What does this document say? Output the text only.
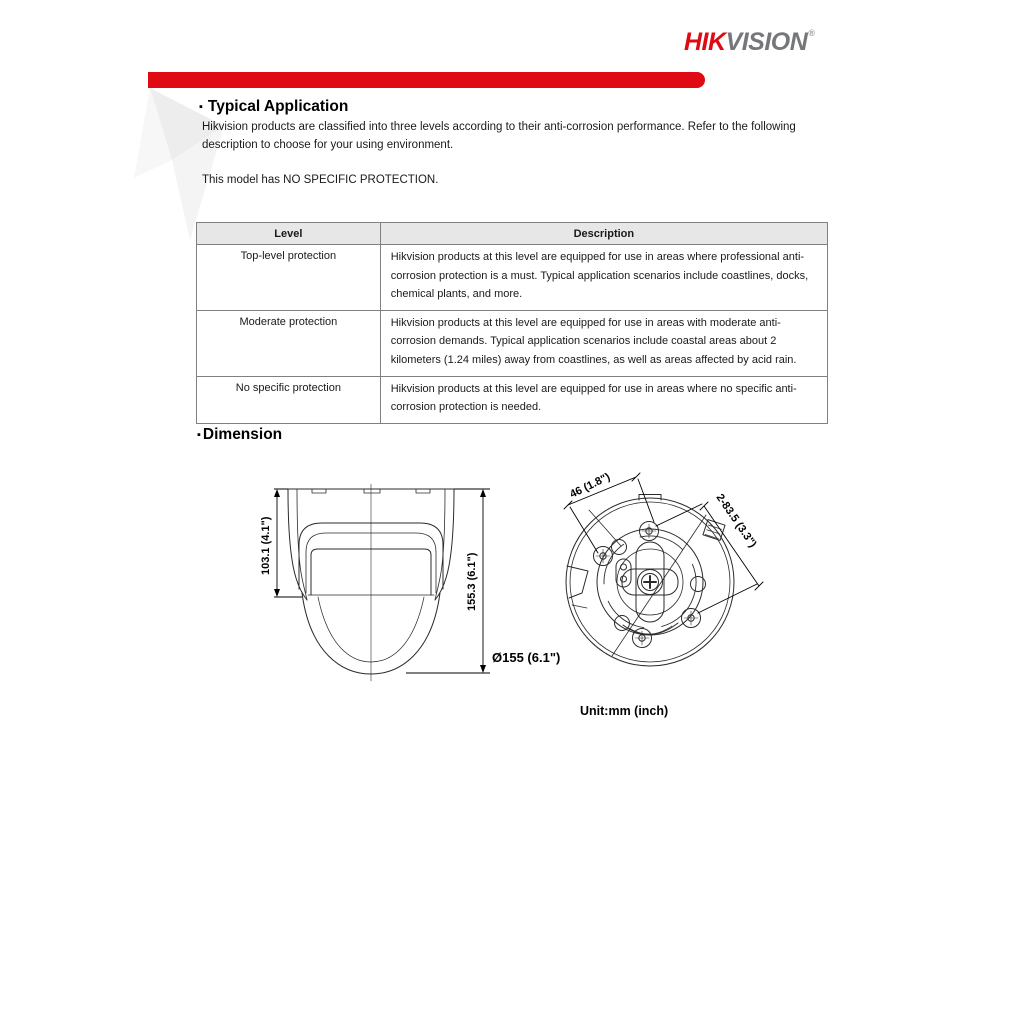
HIKVISION®
▪ Typical Application
Hikvision products are classified into three levels according to their anti-corrosion performance. Refer to the following description to choose for your using environment.
This model has NO SPECIFIC PROTECTION.
Level	Description
Top-level protection	Hikvision products at this level are equipped for use in areas where professional anti-corrosion protection is a must. Typical application scenarios include coastlines, docks, chemical plants, and more.
Moderate protection	Hikvision products at this level are equipped for use in areas with moderate anti-corrosion demands. Typical application scenarios include coastal areas about 2 kilometers (1.24 miles) away from coastlines, as well as areas affected by acid rain.
No specific protection	Hikvision products at this level are equipped for use in areas where no specific anti-corrosion protection is needed.
▪ Dimension
103.1 (4.1")
155.3 (6.1")
46 (1.8")
2-83.5 (3.3")
Ø155 (6.1")
Unit:mm (inch)
